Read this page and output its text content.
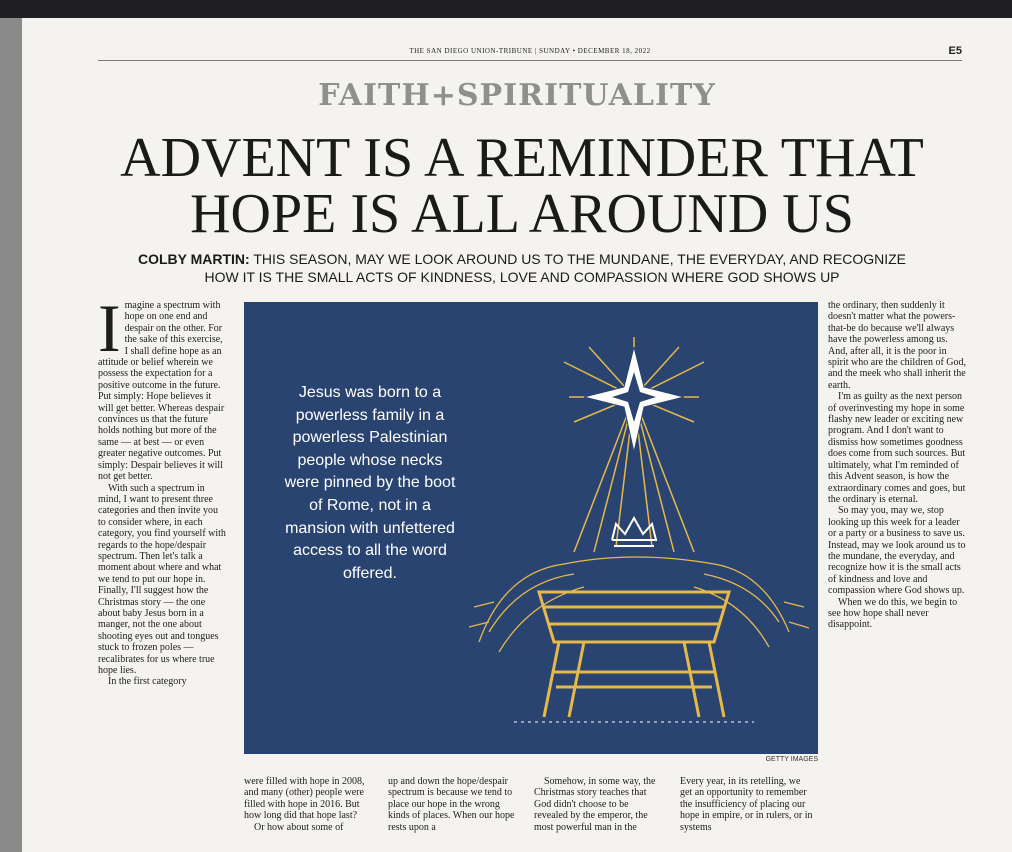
THE SAN DIEGO UNION-TRIBUNE | SUNDAY • DECEMBER 18, 2022	E5
FAITH+SPIRITUALITY
ADVENT IS A REMINDER THAT
HOPE IS ALL AROUND US
COLBY MARTIN: THIS SEASON, MAY WE LOOK AROUND US TO THE MUNDANE, THE EVERYDAY, AND RECOGNIZE
HOW IT IS THE SMALL ACTS OF KINDNESS, LOVE AND COMPASSION WHERE GOD SHOWS UP

Imagine a spectrum with hope on one end and despair on the other. For the sake of this exercise, I shall define hope as an attitude or belief wherein we possess the expectation for a positive outcome in the future. Put simply: Hope believes it will get better. Whereas despair convinces us that the future holds nothing but more of the same — at best — or even greater negative outcomes. Put simply: Despair believes it will not get better.

With such a spectrum in mind, I want to present three categories and then invite you to consider where, in each category, you find yourself with regards to the hope/despair spectrum. Then let's talk a moment about where and what we tend to put our hope in. Finally, I'll suggest how the Christmas story — the one about baby Jesus born in a manger, not the one about shooting eyes out and tongues stuck to frozen poles — recalibrates for us where true hope lies.

In the first category

Jesus was born to a powerless family in a powerless Palestinian people whose necks were pinned by the boot of Rome, not in a mansion with unfettered access to all the word offered.
GETTY IMAGES

the ordinary, then suddenly it doesn't matter what the powers-that-be do because we'll always have the powerless among us. And, after all, it is the poor in spirit who are the children of God, and the meek who shall inherit the earth.

I'm as guilty as the next person of overinvesting my hope in some flashy new leader or exciting new program. And I don't want to dismiss how sometimes goodness does come from such sources. But ultimately, what I'm reminded of this Advent season, is how the extraordinary comes and goes, but the ordinary is eternal.

So may you, may we, stop looking up this week for a leader or a party or a business to save us. Instead, may we look around us to the mundane, the everyday, and recognize how it is the small acts of kindness and love and compassion where God shows up.

When we do this, we begin to see how hope shall never disappoint.

were filled with hope in 2008, and many (other) people were filled with hope in 2016. But how long did that hope last?

Or how about some of

up and down the hope/despair spectrum is because we tend to place our hope in the wrong kinds of places. When our hope rests upon a

Somehow, in some way, the Christmas story teaches that God didn't choose to be revealed by the emperor, the most powerful man in the

Every year, in its retelling, we get an opportunity to remember the insufficiency of placing our hope in empire, or in rulers, or in systems
